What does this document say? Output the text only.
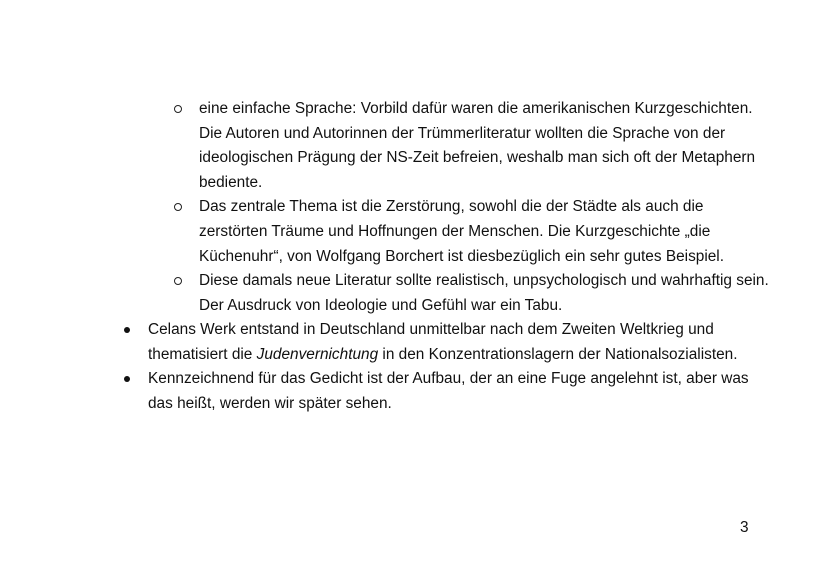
eine einfache Sprache: Vorbild dafür waren die amerikanischen Kurzgeschichten. Die Autoren und Autorinnen der Trümmerliteratur wollten die Sprache von der ideologischen Prägung der NS-Zeit befreien, weshalb man sich oft der Metaphern bediente.
Das zentrale Thema ist die Zerstörung, sowohl die der Städte als auch die zerstörten Träume und Hoffnungen der Menschen. Die Kurzgeschichte „die Küchenuhr“, von Wolfgang Borchert ist diesbezüglich ein sehr gutes Beispiel.
Diese damals neue Literatur sollte realistisch, unpsychologisch und wahrhaftig sein. Der Ausdruck von Ideologie und Gefühl war ein Tabu.
Celans Werk entstand in Deutschland unmittelbar nach dem Zweiten Weltkrieg und thematisiert die Judenvernichtung in den Konzentrationslagern der Nationalsozialisten.
Kennzeichnend für das Gedicht ist der Aufbau, der an eine Fuge angelehnt ist, aber was das heißt, werden wir später sehen.
3
